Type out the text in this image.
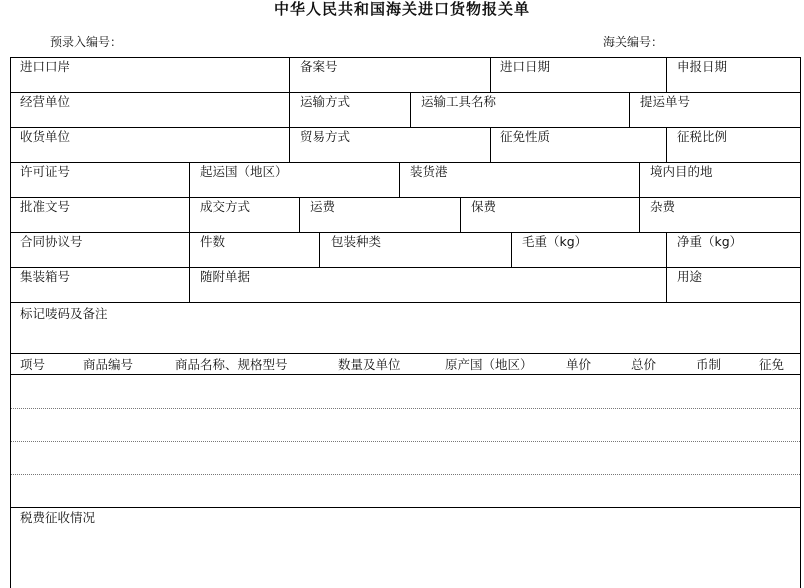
中华人民共和国海关进口货物报关单
预录入编号：	海关编号：
进口口岸	备案号	进口日期	申报日期
经营单位	运输方式	运输工具名称	提运单号
收货单位	贸易方式	征免性质	征税比例
许可证号	起运国（地区）	装货港	境内目的地
批准文号	成交方式	运费	保费	杂费
合同协议号	件数	包装种类	毛重（kg）	净重（kg）
集装箱号	随附单据	用途
标记唛码及备注
项号	商品编号	商品名称、规格型号	数量及单位	原产国（地区）	单价	总价	币制	征免
税费征收情况
